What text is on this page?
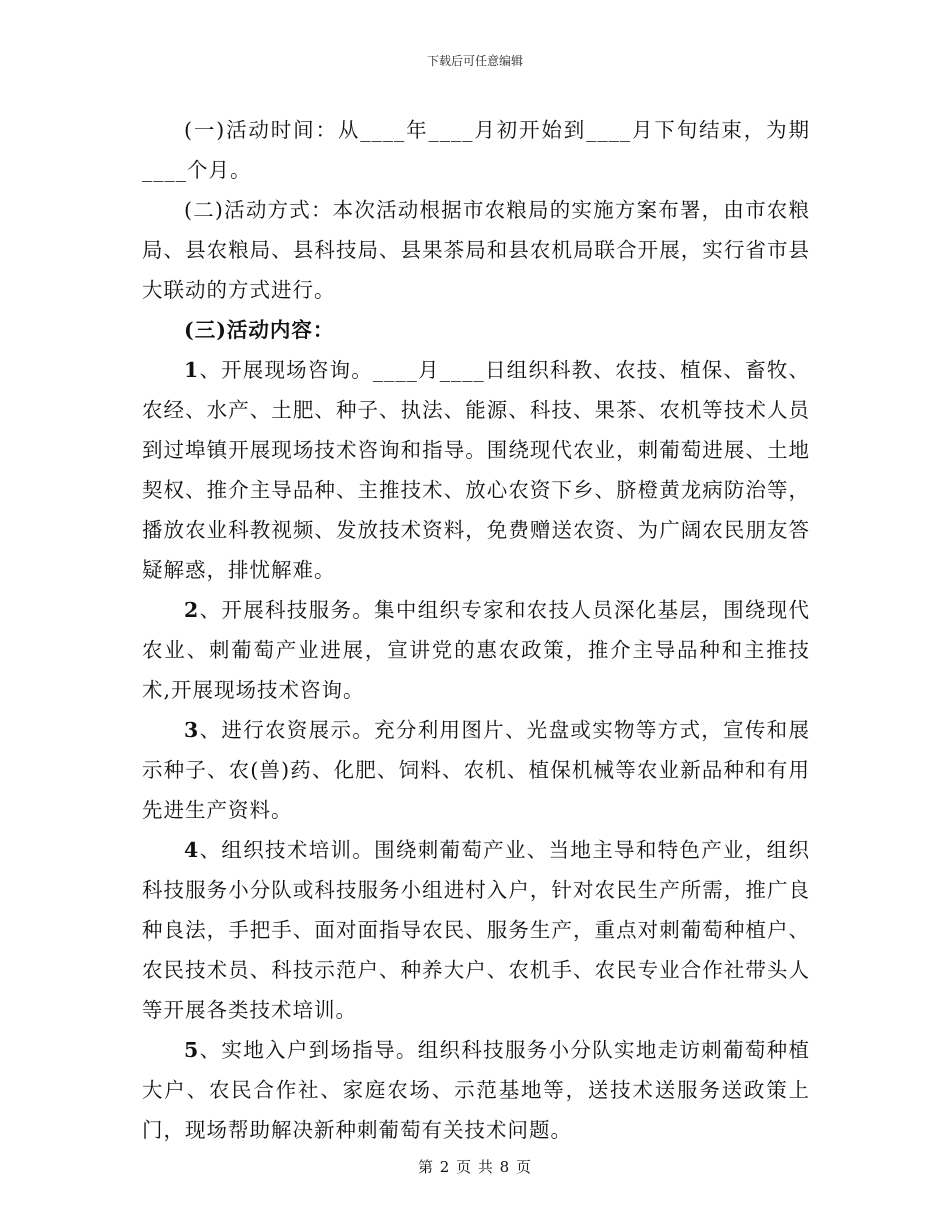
下载后可任意编辑

(一)活动时间：从____年____月初开始到____月下旬结束，为期____个月。

(二)活动方式：本次活动根据市农粮局的实施方案布署，由市农粮局、县农粮局、县科技局、县果茶局和县农机局联合开展，实行省市县大联动的方式进行。

(三)活动内容：

1、开展现场咨询。____月____日组织科教、农技、植保、畜牧、农经、水产、土肥、种子、执法、能源、科技、果茶、农机等技术人员到过埠镇开展现场技术咨询和指导。围绕现代农业，刺葡萄进展、土地契权、推介主导品种、主推技术、放心农资下乡、脐橙黄龙病防治等，播放农业科教视频、发放技术资料，免费赠送农资、为广阔农民朋友答疑解惑，排忧解难。

2、开展科技服务。集中组织专家和农技人员深化基层，围绕现代农业、刺葡萄产业进展，宣讲党的惠农政策，推介主导品种和主推技术,开展现场技术咨询。

3、进行农资展示。充分利用图片、光盘或实物等方式，宣传和展示种子、农(兽)药、化肥、饲料、农机、植保机械等农业新品种和有用先进生产资料。

4、组织技术培训。围绕刺葡萄产业、当地主导和特色产业，组织科技服务小分队或科技服务小组进村入户，针对农民生产所需，推广良种良法，手把手、面对面指导农民、服务生产，重点对刺葡萄种植户、农民技术员、科技示范户、种养大户、农机手、农民专业合作社带头人等开展各类技术培训。

5、实地入户到场指导。组织科技服务小分队实地走访刺葡萄种植大户、农民合作社、家庭农场、示范基地等，送技术送服务送政策上门，现场帮助解决新种刺葡萄有关技术问题。

第 2 页 共 8 页
